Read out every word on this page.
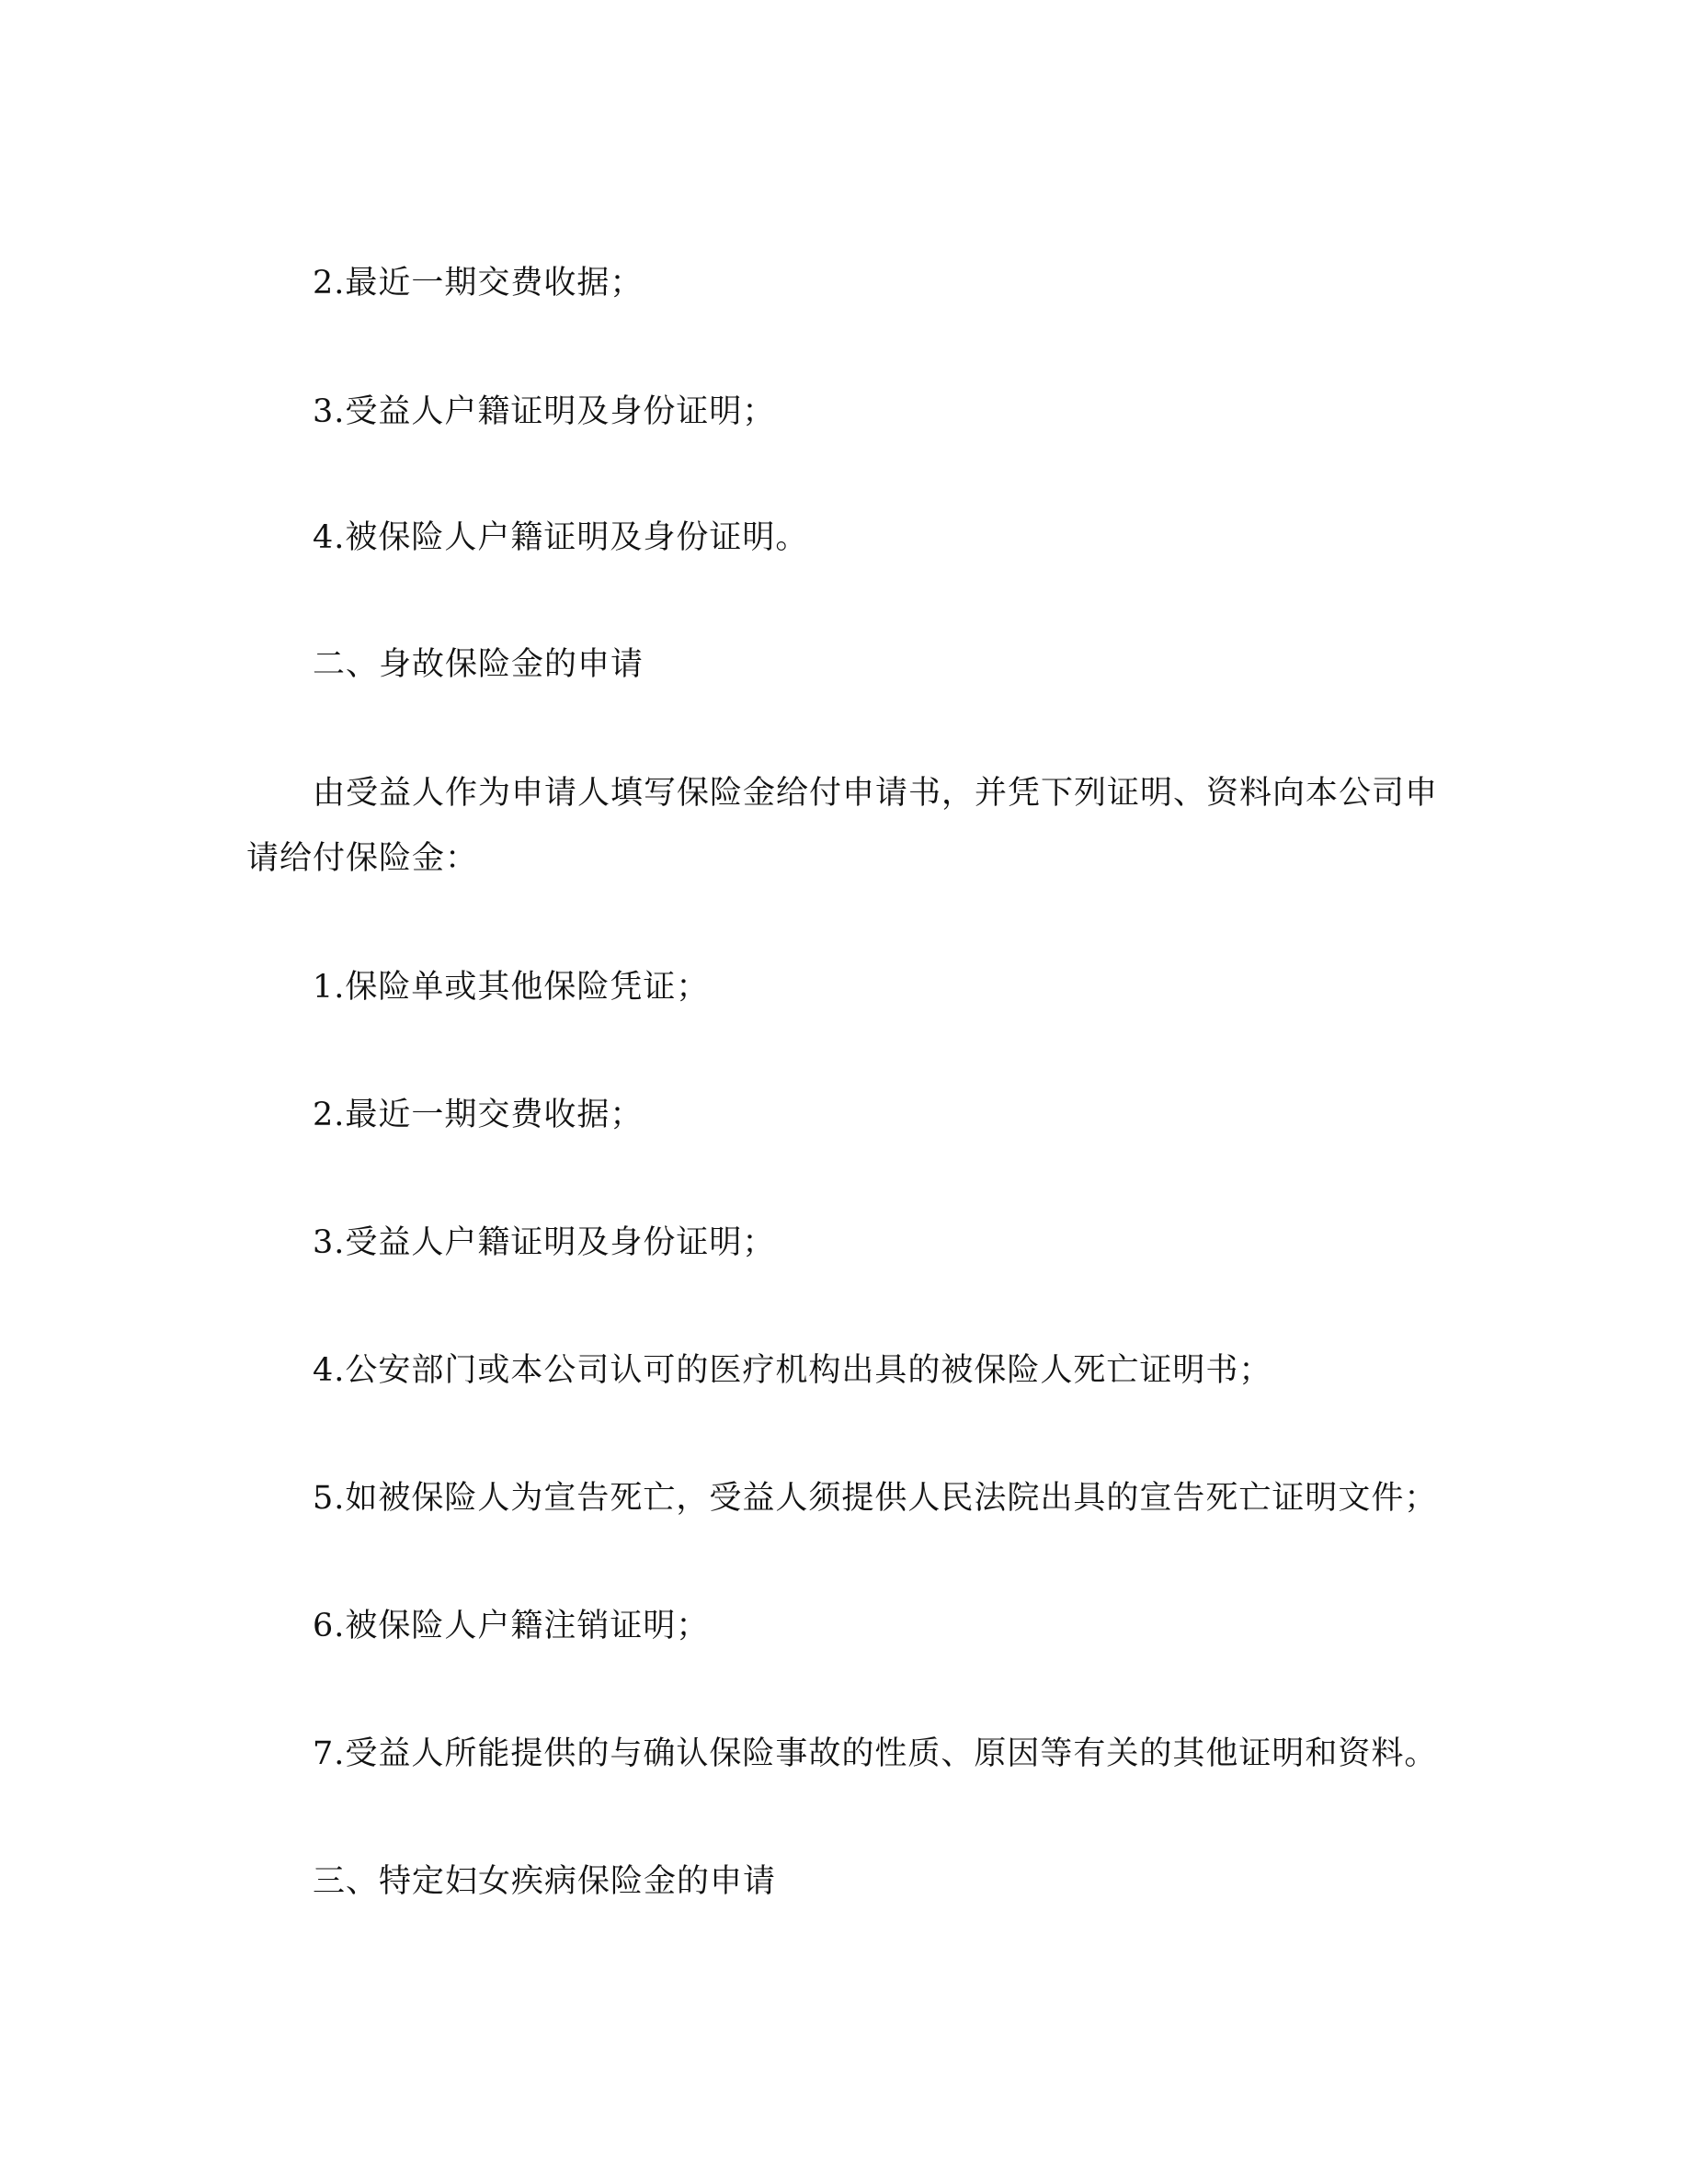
2.最近一期交费收据；
3.受益人户籍证明及身份证明；
4.被保险人户籍证明及身份证明。
二、身故保险金的申请
由受益人作为申请人填写保险金给付申请书，并凭下列证明、资料向本公司申
请给付保险金：
1.保险单或其他保险凭证；
2.最近一期交费收据；
3.受益人户籍证明及身份证明；
4.公安部门或本公司认可的医疗机构出具的被保险人死亡证明书；
5.如被保险人为宣告死亡，受益人须提供人民法院出具的宣告死亡证明文件；
6.被保险人户籍注销证明；
7.受益人所能提供的与确认保险事故的性质、原因等有关的其他证明和资料。
三、特定妇女疾病保险金的申请
